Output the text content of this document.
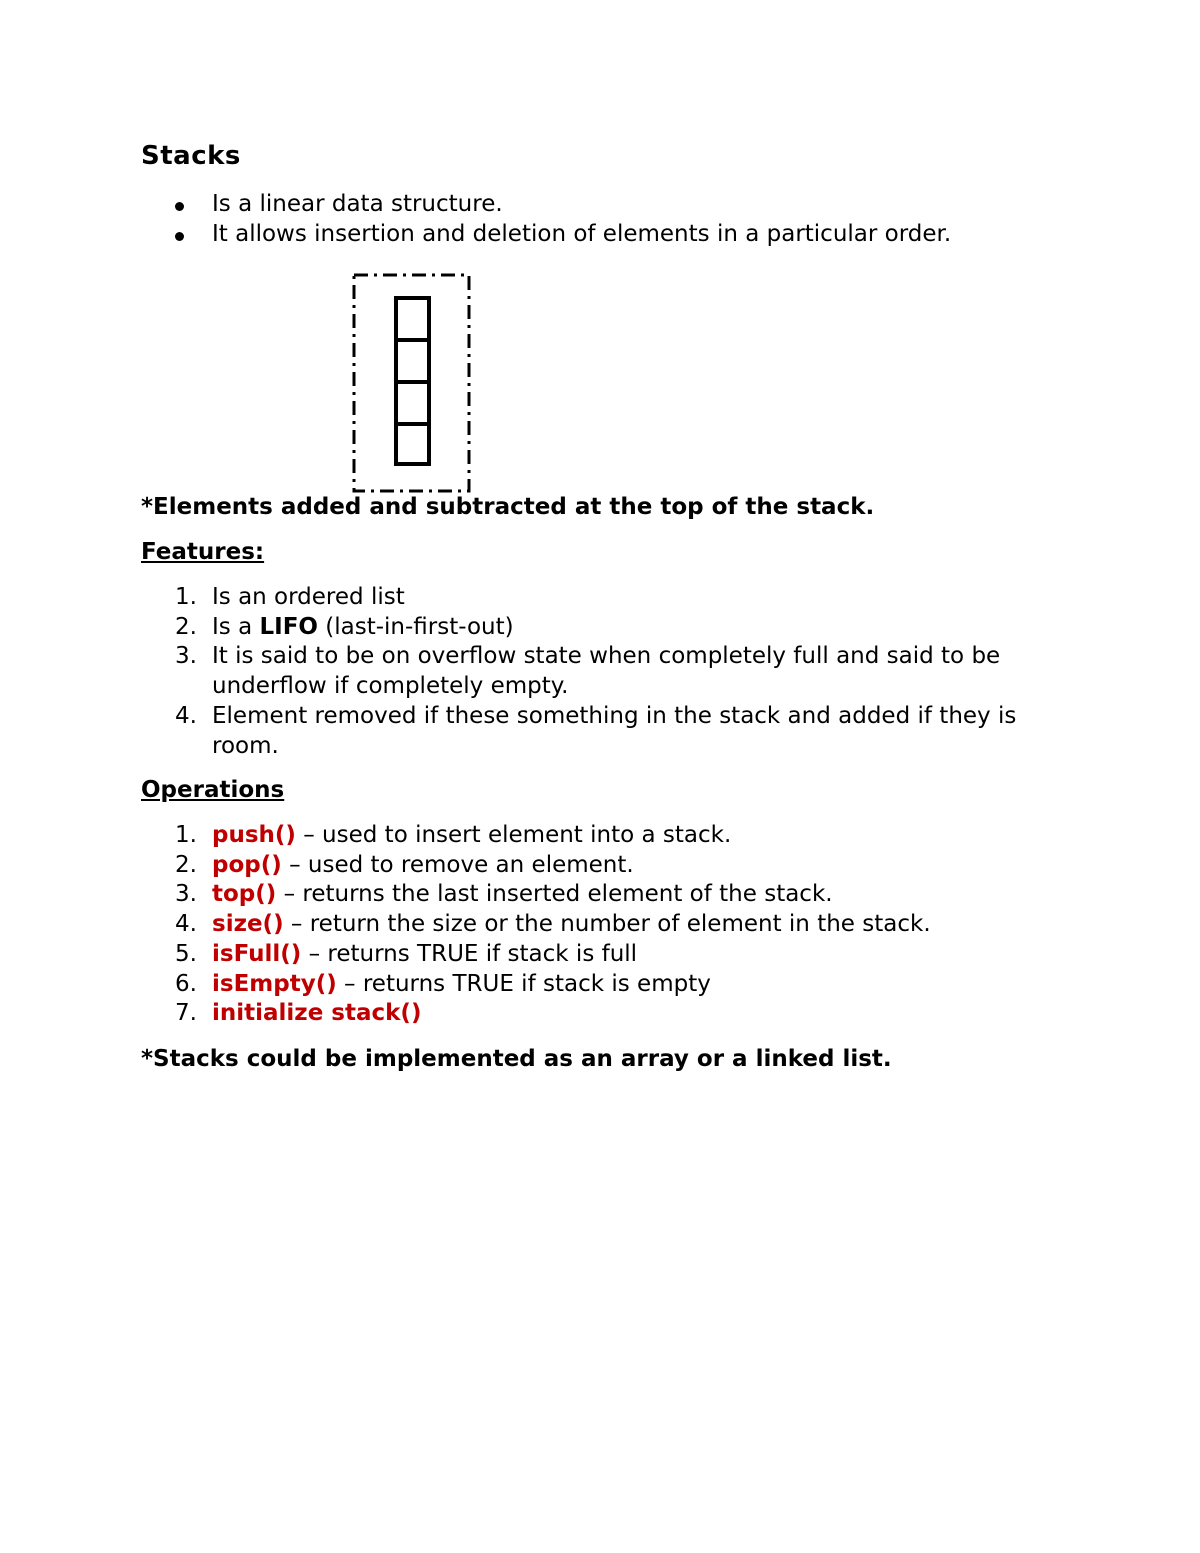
Stacks
Is a linear data structure.
It allows insertion and deletion of elements in a particular order.

*Elements added and subtracted at the top of the stack.

Features:

1. Is an ordered list
2. Is a LIFO (last-in-first-out)
3. It is said to be on overflow state when completely full and said to be underflow if completely empty.
4. Element removed if these something in the stack and added if they is room.

Operations

1. push() – used to insert element into a stack.
2. pop() – used to remove an element.
3. top() – returns the last inserted element of the stack.
4. size() – return the size or the number of element in the stack.
5. isFull() – returns TRUE if stack is full
6. isEmpty() – returns TRUE if stack is empty
7. initialize stack()

*Stacks could be implemented as an array or a linked list.
